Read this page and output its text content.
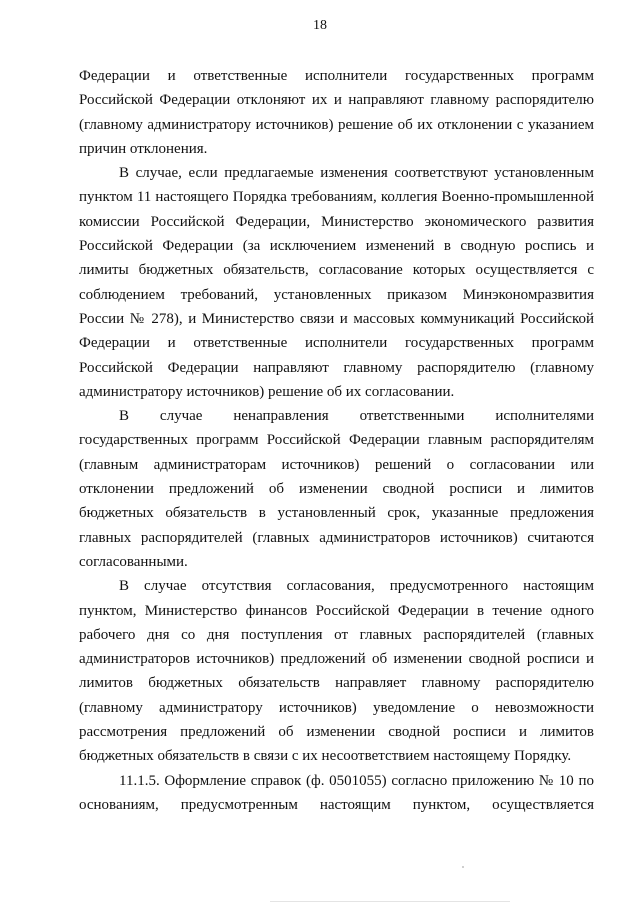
18

Федерации и ответственные исполнители государственных программ Российской Федерации отклоняют их и направляют главному распорядителю (главному администратору источников) решение об их отклонении с указанием причин отклонения.

В случае, если предлагаемые изменения соответствуют установленным пунктом 11 настоящего Порядка требованиям, коллегия Военно-промышленной комиссии Российской Федерации, Министерство экономического развития Российской Федерации (за исключением изменений в сводную роспись и лимиты бюджетных обязательств, согласование которых осуществляется с соблюдением требований, установленных приказом Минэкономразвития России № 278), и Министерство связи и массовых коммуникаций Российской Федерации и ответственные исполнители государственных программ Российской Федерации направляют главному распорядителю (главному администратору источников) решение об их согласовании.

В случае ненаправления ответственными исполнителями государственных программ Российской Федерации главным распорядителям (главным администраторам источников) решений о согласовании или отклонении предложений об изменении сводной росписи и лимитов бюджетных обязательств в установленный срок, указанные предложения главных распорядителей (главных администраторов источников) считаются согласованными.

В случае отсутствия согласования, предусмотренного настоящим пунктом, Министерство финансов Российской Федерации в течение одного рабочего дня со дня поступления от главных распорядителей (главных администраторов источников) предложений об изменении сводной росписи и лимитов бюджетных обязательств направляет главному распорядителю (главному администратору источников) уведомление о невозможности рассмотрения предложений об изменении сводной росписи и лимитов бюджетных обязательств в связи с их несоответствием настоящему Порядку.

11.1.5. Оформление справок (ф. 0501055) согласно приложению № 10 по основаниям, предусмотренным настоящим пунктом, осуществляется
